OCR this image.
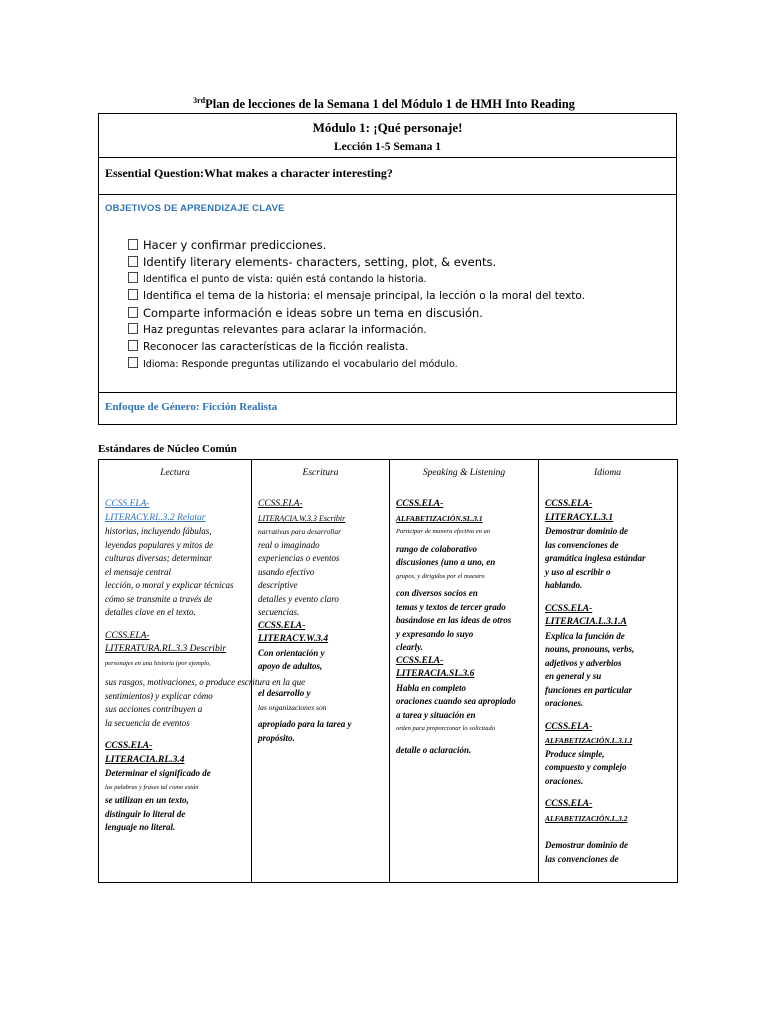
$^{3rd}$Plan de lecciones de la Semana 1 del Módulo 1 de HMH Into Reading
Módulo 1: ¡Qué personaje!
Lección 1-5 Semana 1
Essential Question:What makes a character interesting?
OBJETIVOS DE APRENDIZAJE CLAVE
Hacer y confirmar predicciones.
Identify literary elements- characters, setting, plot, & events.
Identifica el punto de vista: quién está contando la historia.
Identifica el tema de la historia: el mensaje principal, la lección o la moral del texto.
Comparte información e ideas sobre un tema en discusión.
Haz preguntas relevantes para aclarar la información.
Reconocer las características de la ficción realista.
Idioma: Responde preguntas utilizando el vocabulario del módulo.
Enfoque de Género: Ficción Realista
Estándares de Núcleo Común
Lectura
CCSS.ELA-
LITERACY.RL.3.2 Relatar
historias, incluyendo fábulas,
leyendas populares y mitos de
culturas diversas; determinar
el mensaje central
lección, o moral y explicar técnicas
cómo se transmite a través de
detalles clave en el texto.
CCSS.ELA-
LITERATURA.RL.3.3 Describir
personajes en una historia (por ejemplo,
sus rasgos, motivaciones, o produce escritura en la que
sentimientos) y explicar cómo
sus acciones contribuyen a
la secuencia de eventos
CCSS.ELA-
LITERACIA.RL.3.4
Determinar el significado de
las palabras y frases tal como están
se utilizan en un texto,
distinguir lo literal de
lenguaje no literal.
Escritura
CCSS.ELA-
LITERACIA.W.3.3 Escribir
narrativas para desarrollar
real o imaginado
experiencias o eventos
usando efectivo
descriptive
detalles y evento claro
secuencias.
CCSS.ELA-
LITERACY.W.3.4
Con orientación y
apoyo de adultos,
el desarrollo y
las organizaciones son
apropiado para la tarea y
propósito.
Speaking & Listening
CCSS.ELA-
ALFABETIZACIÓN.SL.3.1
Participar de manera efectiva en un
rango de colaborativo
discusiones (uno a uno, en
grupos, y dirigidos por el maestro
con diversos socios en
temas y textos de tercer grado
basándose en las ideas de otros
y expresando lo suyo
clearly.
CCSS.ELA-
LITERACIA.SL.3.6
Habla en completo
oraciones cuando sea apropiado
a tarea y situación en
orden para proporcionar lo solicitado
detalle o aclaración.
Idioma
CCSS.ELA-
LITERACY.L.3.1
Demostrar dominio de
las convenciones de
gramática inglesa estándar
y uso al escribir o
hablando.
CCSS.ELA-
LITERACIA.L.3.1.A
Explica la función de
nouns, pronouns, verbs,
adjetivos y adverbios
en general y su
funciones en particular
oraciones.
CCSS.ELA-
ALFABETIZACIÓN.L.3.1.I
Produce simple,
compuesto y complejo
oraciones.
CCSS.ELA-
ALFABETIZACIÓN.L.3.2
Demostrar dominio de
las convenciones de
